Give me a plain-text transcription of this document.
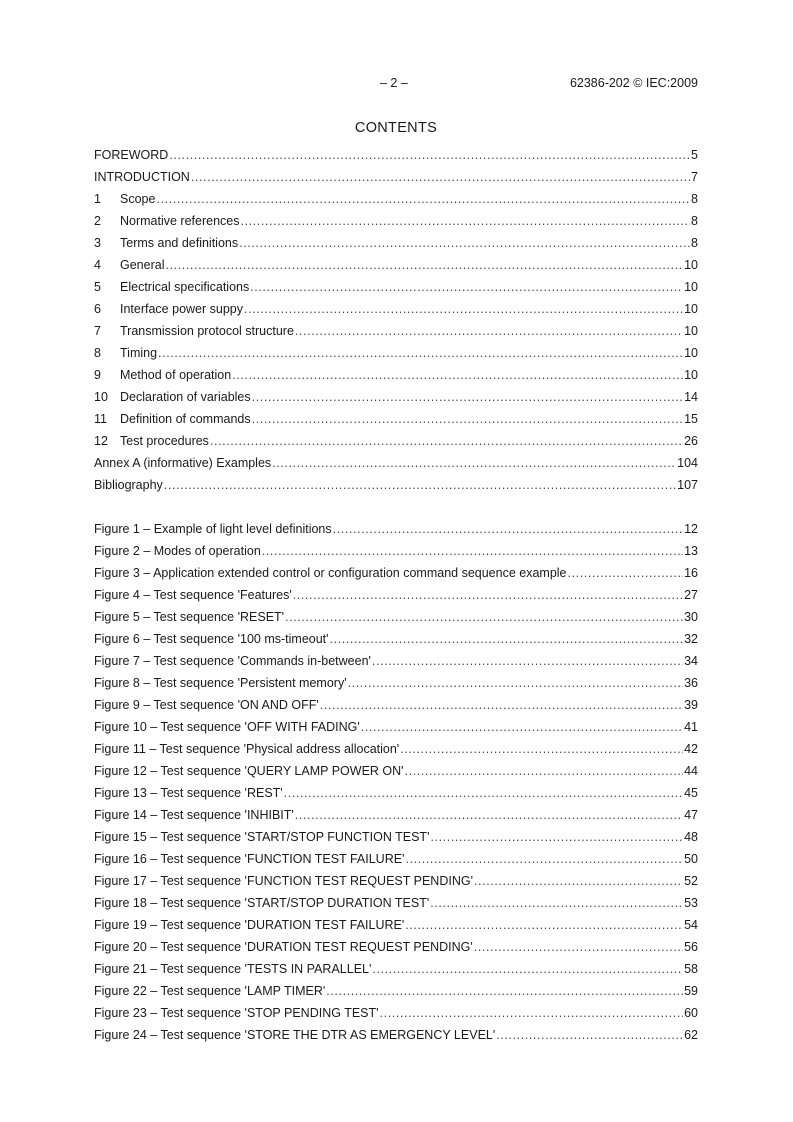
– 2 –	62386-202 © IEC:2009
CONTENTS
FOREWORD .....	5
INTRODUCTION .....	7
1	Scope .....	8
2	Normative references .....	8
3	Terms and definitions .....	8
4	General .....	10
5	Electrical specifications .....	10
6	Interface power suppy .....	10
7	Transmission protocol structure .....	10
8	Timing .....	10
9	Method of operation .....	10
10 Declaration of variables .....	14
11	Definition of commands .....	15
12 Test procedures .....	26
Annex A (informative) Examples .....	104
Bibliography .....	107
Figure 1 – Example of light level definitions .....	12
Figure 2 – Modes of operation .....	13
Figure 3 – Application extended control or configuration command sequence example .....	16
Figure 4 – Test sequence 'Features' .....	27
Figure 5 – Test sequence 'RESET' .....	30
Figure 6 – Test sequence '100 ms-timeout' .....	32
Figure 7 – Test sequence 'Commands in-between' .....	34
Figure 8 – Test sequence 'Persistent memory' .....	36
Figure 9 – Test sequence 'ON AND OFF' .....	39
Figure 10 – Test sequence 'OFF WITH FADING' .....	41
Figure 11 – Test sequence 'Physical address allocation' .....	42
Figure 12 – Test sequence 'QUERY LAMP POWER ON' .....	44
Figure 13 – Test sequence 'REST' .....	45
Figure 14 – Test sequence 'INHIBIT' .....	47
Figure 15 – Test sequence 'START/STOP FUNCTION TEST' .....	48
Figure 16 – Test sequence 'FUNCTION TEST FAILURE' .....	50
Figure 17 – Test sequence 'FUNCTION TEST REQUEST PENDING' .....	52
Figure 18 – Test sequence 'START/STOP DURATION TEST' .....	53
Figure 19 – Test sequence 'DURATION TEST FAILURE' .....	54
Figure 20 – Test sequence 'DURATION TEST REQUEST PENDING' .....	56
Figure 21 – Test sequence 'TESTS IN PARALLEL' .....	58
Figure 22 – Test sequence 'LAMP TIMER' .....	59
Figure 23 – Test sequence 'STOP PENDING TEST' .....	60
Figure 24 – Test sequence 'STORE THE DTR AS EMERGENCY LEVEL' .....	62
